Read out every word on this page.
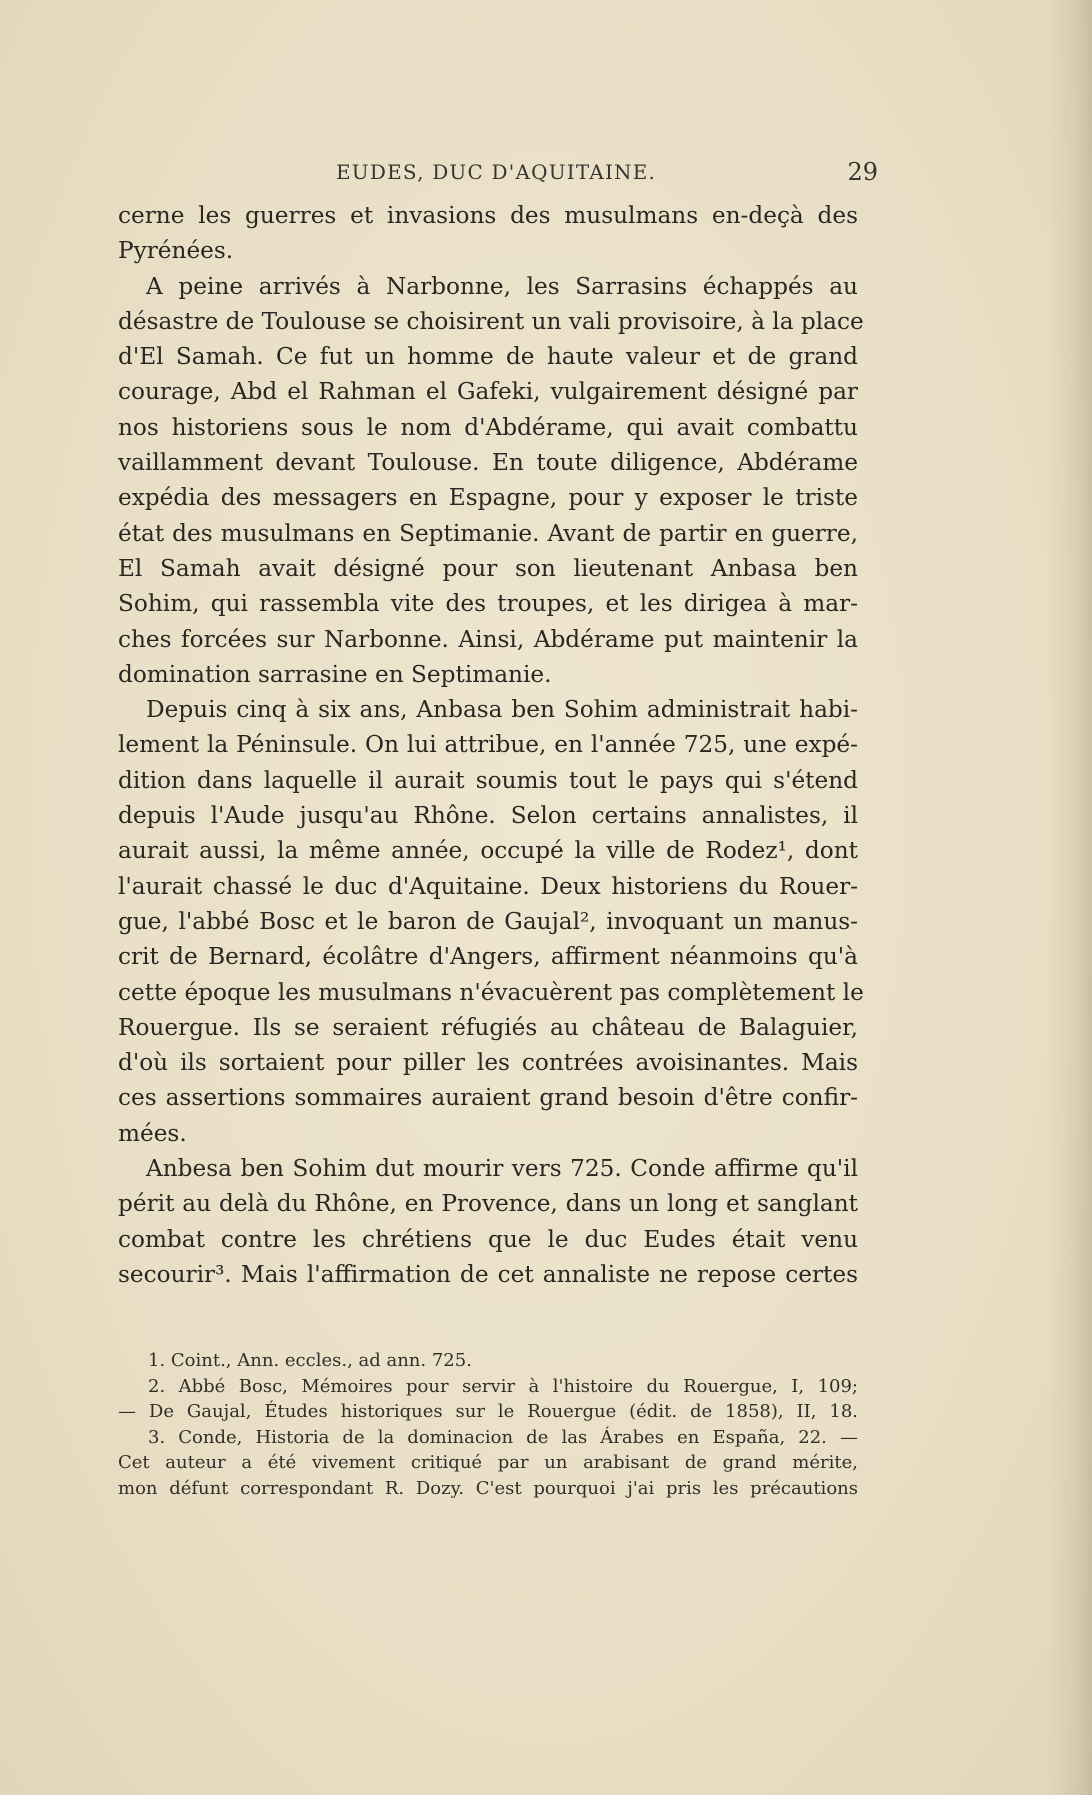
EUDES, DUC D'AQUITAINE.	29
cerne les guerres et invasions des musulmans en-deçà des
Pyrénées.
A peine arrivés à Narbonne, les Sarrasins échappés au
désastre de Toulouse se choisirent un vali provisoire, à la place
d'El Samah. Ce fut un homme de haute valeur et de grand
courage, Abd el Rahman el Gafeki, vulgairement désigné par
nos historiens sous le nom d'Abdérame, qui avait combattu
vaillamment devant Toulouse. En toute diligence, Abdérame
expédia des messagers en Espagne, pour y exposer le triste
état des musulmans en Septimanie. Avant de partir en guerre,
El Samah avait désigné pour son lieutenant Anbasa ben
Sohim, qui rassembla vite des troupes, et les dirigea à mar-
ches forcées sur Narbonne. Ainsi, Abdérame put maintenir la
domination sarrasine en Septimanie.
Depuis cinq à six ans, Anbasa ben Sohim administrait habi-
lement la Péninsule. On lui attribue, en l'année 725, une expé-
dition dans laquelle il aurait soumis tout le pays qui s'étend
depuis l'Aude jusqu'au Rhône. Selon certains annalistes, il
aurait aussi, la même année, occupé la ville de Rodez¹, dont
l'aurait chassé le duc d'Aquitaine. Deux historiens du Rouer-
gue, l'abbé Bosc et le baron de Gaujal², invoquant un manus-
crit de Bernard, écolâtre d'Angers, affirment néanmoins qu'à
cette époque les musulmans n'évacuèrent pas complètement le
Rouergue. Ils se seraient réfugiés au château de Balaguier,
d'où ils sortaient pour piller les contrées avoisinantes. Mais
ces assertions sommaires auraient grand besoin d'être confir-
mées.
Anbesa ben Sohim dut mourir vers 725. Conde affirme qu'il
périt au delà du Rhône, en Provence, dans un long et sanglant
combat contre les chrétiens que le duc Eudes était venu
secourir³. Mais l'affirmation de cet annaliste ne repose certes
1. Coint., Ann. eccles., ad ann. 725.
2. Abbé Bosc, Mémoires pour servir à l'histoire du Rouergue, I, 109;
— De Gaujal, Études historiques sur le Rouergue (édit. de 1858), II, 18.
3. Conde, Historia de la dominacion de las Árabes en España, 22. —
Cet auteur a été vivement critiqué par un arabisant de grand mérite,
mon défunt correspondant R. Dozy. C'est pourquoi j'ai pris les précautions
